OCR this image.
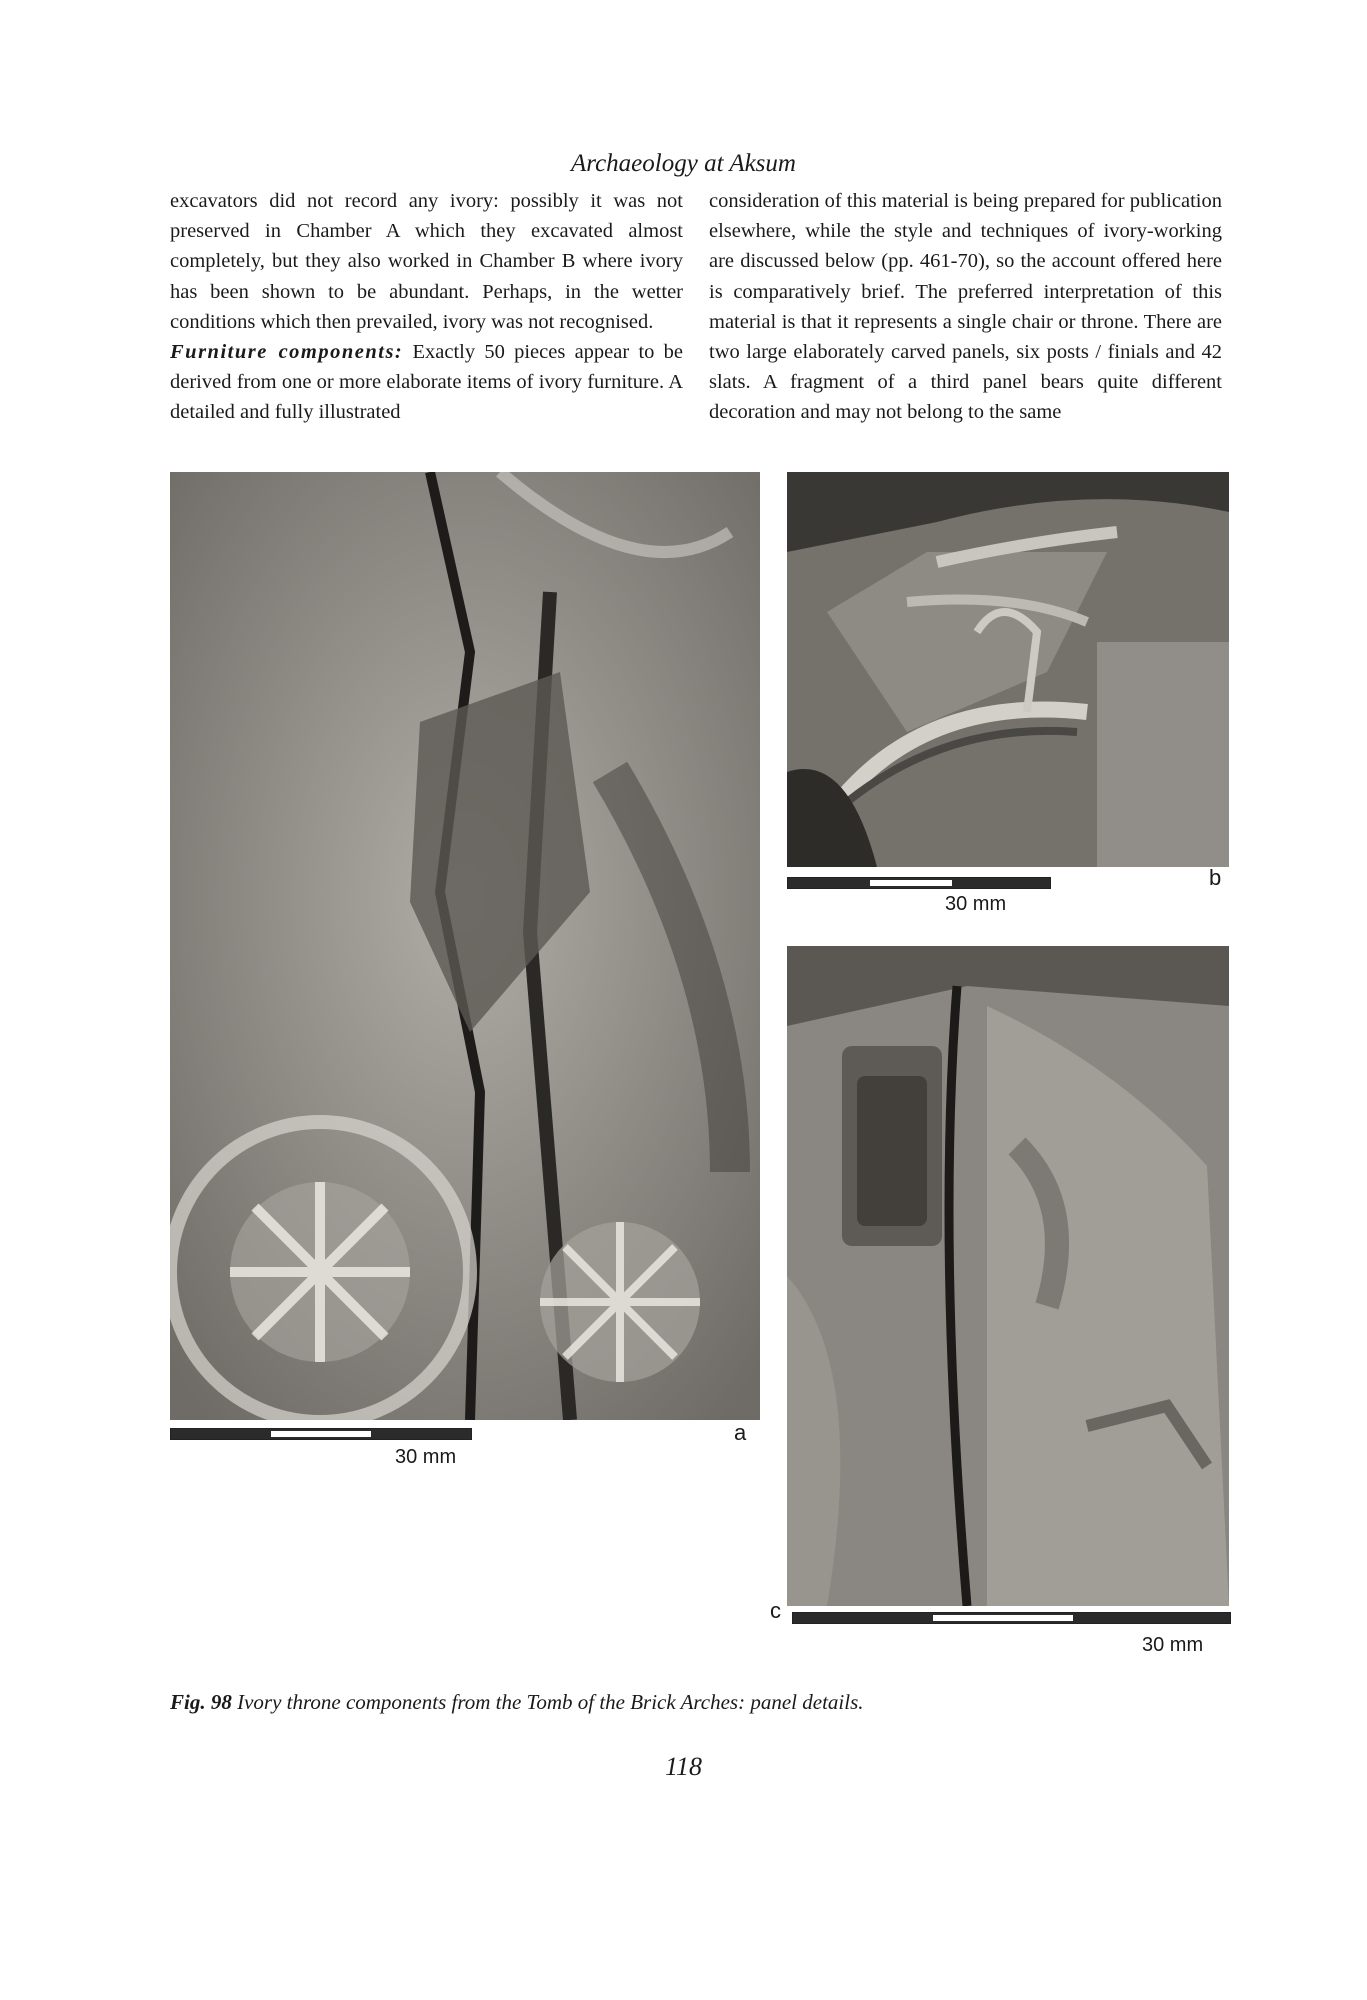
Archaeology at Aksum

excavators did not record any ivory: possibly it was not preserved in Chamber A which they excavated almost completely, but they also worked in Chamber B where ivory has been shown to be abundant. Perhaps, in the wetter conditions which then prevailed, ivory was not recognised.

Furniture components: Exactly 50 pieces appear to be derived from one or more elaborate items of ivory furniture. A detailed and fully illustrated

consideration of this material is being prepared for publication elsewhere, while the style and techniques of ivory-working are discussed below (pp. 461-70), so the account offered here is comparatively brief. The preferred interpretation of this material is that it represents a single chair or throne. There are two large elaborately carved panels, six posts / finials and 42 slats. A fragment of a third panel bears quite different decoration and may not belong to the same

30 mm
a
30 mm
b
c
30 mm
Fig. 98 Ivory throne components from the Tomb of the Brick Arches: panel details.
118
